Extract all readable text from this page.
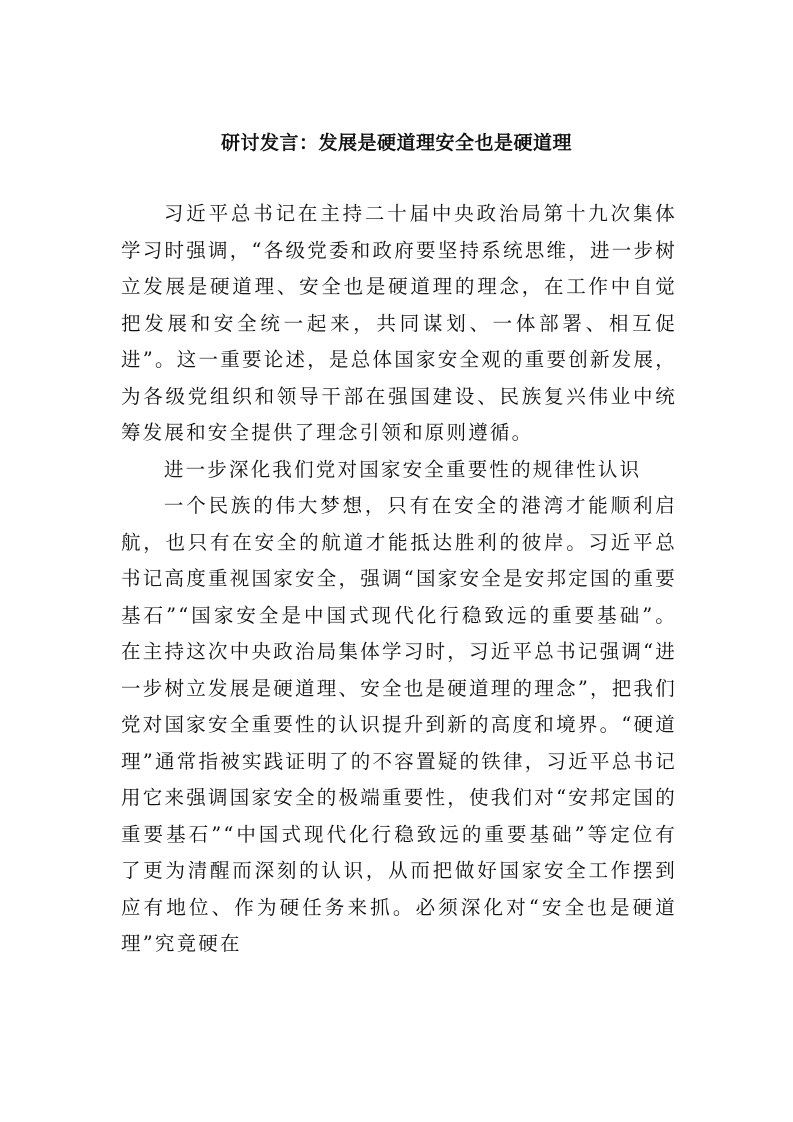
研讨发言：发展是硬道理安全也是硬道理

习近平总书记在主持二十届中央政治局第十九次集体学习时强调，“各级党委和政府要坚持系统思维，进一步树立发展是硬道理、安全也是硬道理的理念，在工作中自觉把发展和安全统一起来，共同谋划、一体部署、相互促进”。这一重要论述，是总体国家安全观的重要创新发展，为各级党组织和领导干部在强国建设、民族复兴伟业中统筹发展和安全提供了理念引领和原则遵循。

进一步深化我们党对国家安全重要性的规律性认识

一个民族的伟大梦想，只有在安全的港湾才能顺利启航，也只有在安全的航道才能抵达胜利的彼岸。习近平总书记高度重视国家安全，强调“国家安全是安邦定国的重要基石”“国家安全是中国式现代化行稳致远的重要基础”。在主持这次中央政治局集体学习时，习近平总书记强调“进一步树立发展是硬道理、安全也是硬道理的理念”，把我们党对国家安全重要性的认识提升到新的高度和境界。“硬道理”通常指被实践证明了的不容置疑的铁律，习近平总书记用它来强调国家安全的极端重要性，使我们对“安邦定国的重要基石”“中国式现代化行稳致远的重要基础”等定位有了更为清醒而深刻的认识，从而把做好国家安全工作摆到应有地位、作为硬任务来抓。必须深化对“安全也是硬道理”究竟硬在
